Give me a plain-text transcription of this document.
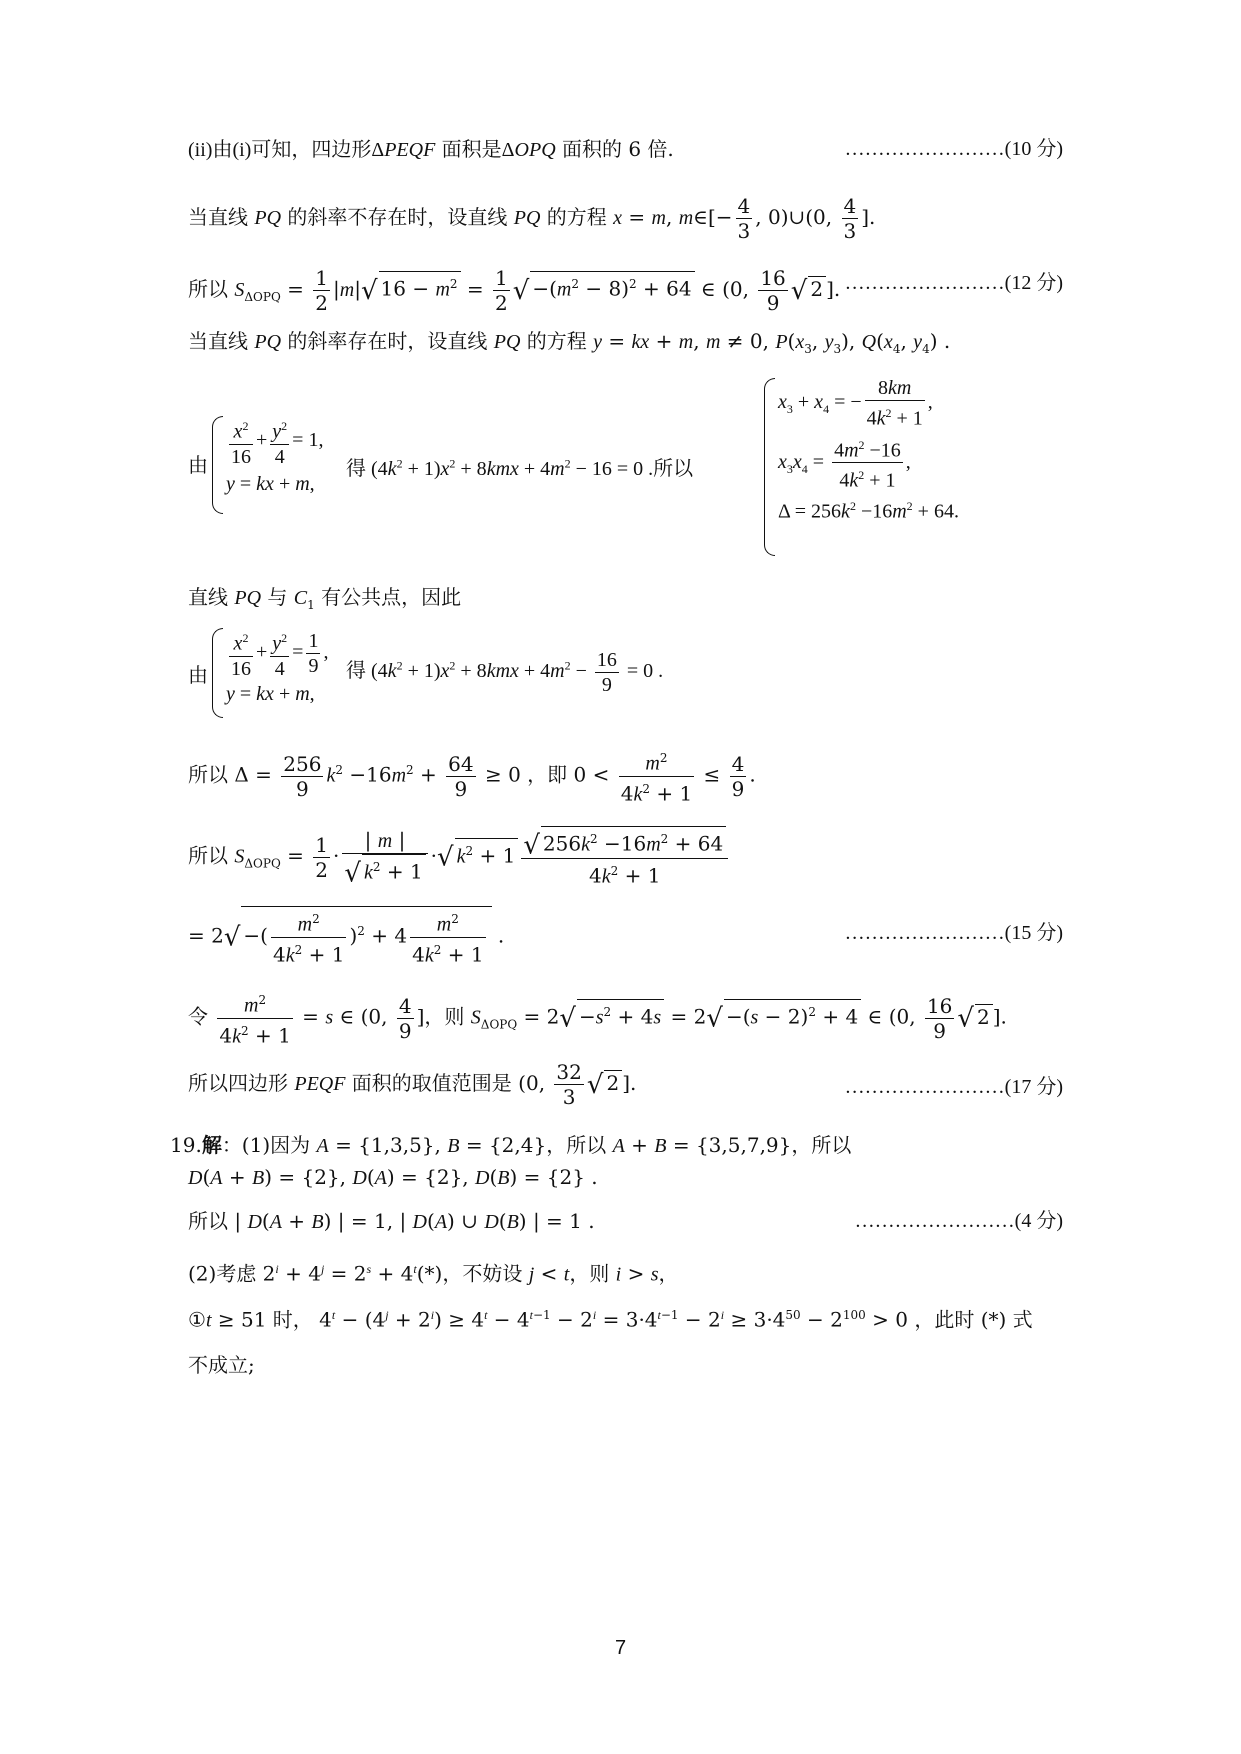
(ii)由(i)可知，四边形ΔPEQF 面积是ΔOPQ 面积的 6 倍.	……………………(10 分)
当直线 PQ 的斜率不存在时，设直线 PQ 的方程 x = m, m∈[− $\frac{4}{3}$ , 0)∪(0, $\frac{4}{3}$ ].
所以 $S_{\Delta OPQ} = \frac{1}{2} |m|√$ $16 - m^2 = \frac{1}{2}$ √ $-(m^2 - 8)^2 + 64$ ∈ (0, $\frac{16}{9}$ √ 2 ]. ……………………(12 分)
当直线 PQ 的斜率存在时，设直线 PQ 的方程 y = kx + m, m ≠ 0, $P(x_3$, $y_3$), $Q(x_4$, $y_4$) .
由 $\frac{x^2}{16} + \frac{y^2}{4} = 1$,
y = kx + m,
得 $(4k^2 + 1)x^2 + 8kmx + 4m^2 - 16 = 0$ .所以
$x_3 + x_4$ = − $\frac{8km}{4k^2 + 1}$ ,
$x_3x_4 = \frac{4m^2 -16}{4k^2 + 1}$ ,
$\Delta = 256k^2 -16m^2 + 64$.
直线 PQ 与 $C_1$ 有公共点，因此
由 $\frac{x^2}{16} + \frac{y^2}{4} = \frac{1}{9}$ ,
y = kx + m,
得 $(4k^2 + 1)x^2 + 8kmx + 4m^2 - \frac{16}{9} = 0$ .
所以 $\Delta = \frac{256}{9} k^2 -16m^2 + \frac{64}{9} \ge 0$ ，即 $0 < \frac{m^2}{4k^2 + 1} \le \frac{4}{9}$ .
所以 $S_{\Delta OPQ} = \frac{1}{2} \cdot \frac{| m |}{√ k^2 + 1}$ ·√ $k^2 + 1 \frac{√ 256k^2 -16m^2 + 64}{4k^2 + 1}$
= 2√ −( $\frac{m^2}{4k^2 + 1} )^2 + 4 \frac{m^2}{4k^2 + 1}$ .	……………………(15 分)
令 $\frac{m^2}{4k^2 + 1} = s$ ∈ (0, $\frac{4}{9}$ ]，则 $S_{\Delta OPQ} = 2√ -s^2 + 4s = 2√ -(s - 2)^2 + 4$ ∈ (0, $\frac{16}{9}$ √ 2 ].
所以四边形 PEQF 面积的取值范围是 (0, $\frac{32}{3}$ √ 2 ].	……………………(17 分)
19.解：(1)因为 A = {1,3,5}, B = {2,4}，所以 A + B = {3,5,7,9}，所以
D(A + B) = {2}, D(A) = {2}, D(B) = {2} .
所以 | D(A + B) | = 1, | D(A) ∪ D(B) | = 1 .	……………………(4 分)
(2)考虑 $2^i + 4^j = 2^s + 4^t(*)$，不妨设 j < t，则 i > s，
①t ≥ 51 时， $4^t - (4^j + 2^i) \ge 4^t - 4^{t-1} - 2^i = 3\cdot 4^{t-1} - 2^i \ge 3\cdot 4^{50} - 2^{100} > 0$ ，此时 (*) 式
不成立;
7
